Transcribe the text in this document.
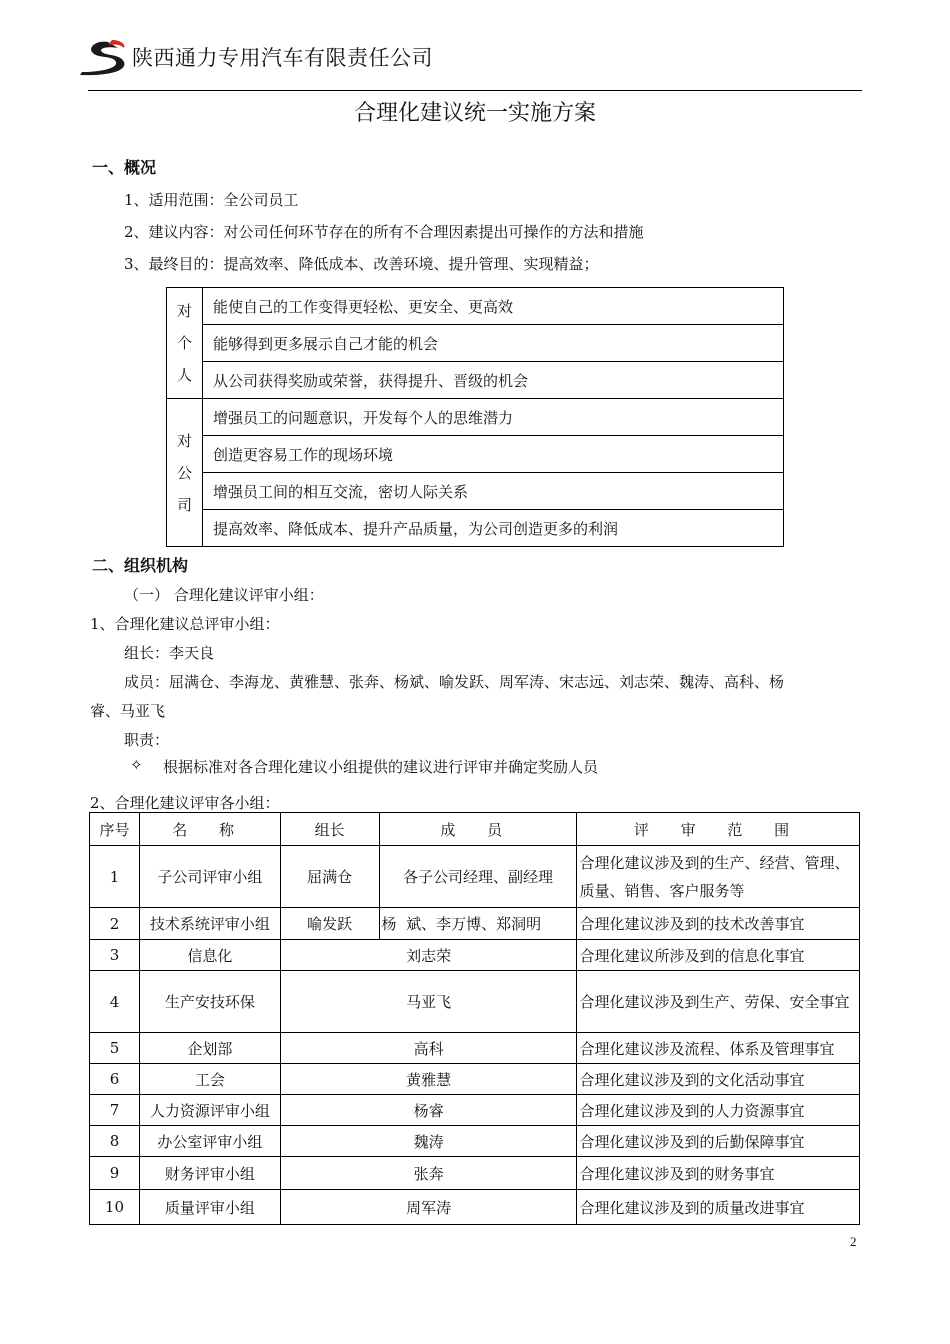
陕西通力专用汽车有限责任公司
合理化建议统一实施方案
一、概况
1、适用范围：全公司员工
2、建议内容：对公司任何环节存在的所有不合理因素提出可操作的方法和措施
3、最终目的：提高效率、降低成本、改善环境、提升管理、实现精益；
对
个
人	能使自己的工作变得更轻松、更安全、更高效
	能够得到更多展示自己才能的机会
	从公司获得奖励或荣誉，获得提升、晋级的机会

对
公
司	增强员工的问题意识，开发每个人的思维潜力
	创造更容易工作的现场环境
	增强员工间的相互交流，密切人际关系
	提高效率、降低成本、提升产品质量，为公司创造更多的利润
二、组织机构
（一） 合理化建议评审小组：
1、合理化建议总评审小组：
组长：李天良
成员：屈满仓、李海龙、黄雅慧、张奔、杨斌、喻发跃、周军涛、宋志远、刘志荣、魏涛、高科、杨
睿、马亚飞
职责：
✧ 根据标准对各合理化建议小组提供的建议进行评审并确定奖励人员
2、合理化建议评审各小组：
序号	名 称	组长	成 员	评 审 范 围
1	子公司评审小组	屈满仓	各子公司经理、副经理	合理化建议涉及到的生产、经营、管理、质量、销售、客户服务等
2	技术系统评审小组	喻发跃	杨  斌、李万博、郑洞明	合理化建议涉及到的技术改善事宜
3	信息化	刘志荣		合理化建议所涉及到的信息化事宜
4	生产安技环保	马亚飞		合理化建议涉及到生产、劳保、安全事宜
5	企划部	高科		合理化建议涉及流程、体系及管理事宜
6	工会	黄雅慧		合理化建议涉及到的文化活动事宜
7	人力资源评审小组	杨睿		合理化建议涉及到的人力资源事宜
8	办公室评审小组	魏涛		合理化建议涉及到的后勤保障事宜
9	财务评审小组	张奔		合理化建议涉及到的财务事宜
10	质量评审小组	周军涛		合理化建议涉及到的质量改进事宜
2
